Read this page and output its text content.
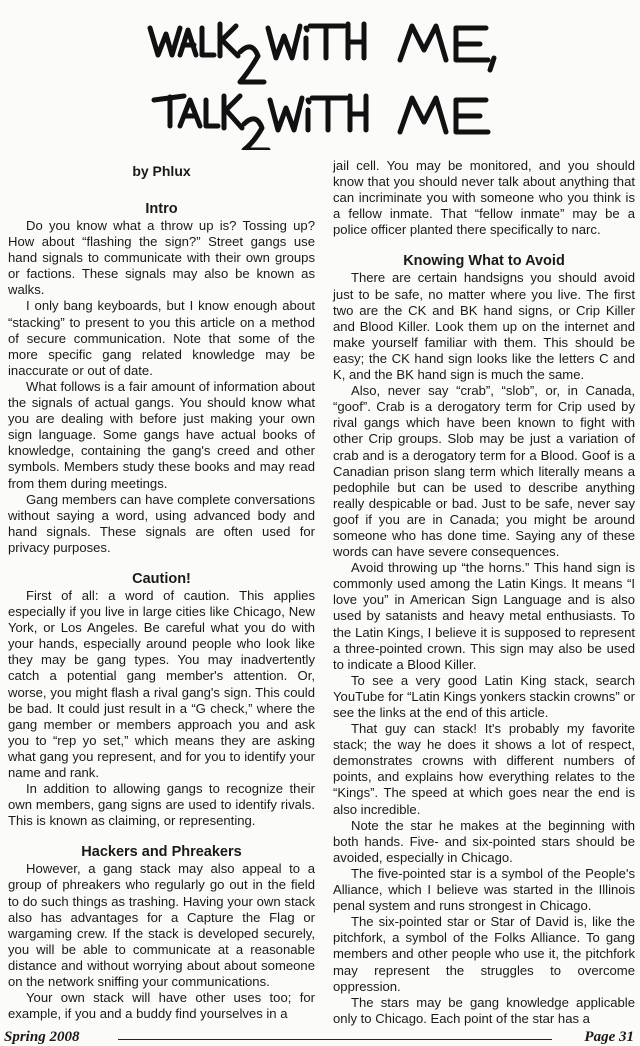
by Phlux
Intro

Do you know what a throw up is? Tossing up? How about “flashing the sign?” Street gangs use hand signals to communicate with their own groups or factions. These signals may also be known as walks.

I only bang keyboards, but I know enough about “stacking” to present to you this article on a method of secure communication. Note that some of the more specific gang related knowledge may be inaccurate or out of date.

What follows is a fair amount of information about the signals of actual gangs. You should know what you are dealing with before just making your own sign language. Some gangs have actual books of knowledge, containing the gang's creed and other symbols. Members study these books and may read from them during meetings.

Gang members can have complete conversations without saying a word, using advanced body and hand signals. These signals are often used for privacy purposes.

Caution!

First of all: a word of caution. This applies especially if you live in large cities like Chicago, New York, or Los Angeles. Be careful what you do with your hands, especially around people who look like they may be gang types. You may inadvertently catch a potential gang member's attention. Or, worse, you might flash a rival gang's sign. This could be bad. It could just result in a “G check,” where the gang member or members approach you and ask you to “rep yo set,” which means they are asking what gang you represent, and for you to identify your name and rank.

In addition to allowing gangs to recognize their own members, gang signs are used to identify rivals. This is known as claiming, or representing.

Hackers and Phreakers

However, a gang stack may also appeal to a group of phreakers who regularly go out in the field to do such things as trashing. Having your own stack also has advantages for a Capture the Flag or wargaming crew. If the stack is developed securely, you will be able to communicate at a reasonable distance and without worrying about about someone on the network sniffing your communications.

Your own stack will have other uses too; for example, if you and a buddy find yourselves in a

jail cell. You may be monitored, and you should know that you should never talk about anything that can incriminate you with someone who you think is a fellow inmate. That “fellow inmate” may be a police officer planted there specifically to narc.

Knowing What to Avoid

There are certain handsigns you should avoid just to be safe, no matter where you live. The first two are the CK and BK hand signs, or Crip Killer and Blood Killer. Look them up on the internet and make yourself familiar with them. This should be easy; the CK hand sign looks like the letters C and K, and the BK hand sign is much the same.

Also, never say “crab”, “slob”, or, in Canada, “goof”. Crab is a derogatory term for Crip used by rival gangs which have been known to fight with other Crip groups. Slob may be just a variation of crab and is a derogatory term for a Blood. Goof is a Canadian prison slang term which literally means a pedophile but can be used to describe anything really despicable or bad. Just to be safe, never say goof if you are in Canada; you might be around someone who has done time. Saying any of these words can have severe consequences.

Avoid throwing up “the horns.” This hand sign is commonly used among the Latin Kings. It means “I love you” in American Sign Language and is also used by satanists and heavy metal enthusiasts. To the Latin Kings, I believe it is supposed to represent a three-pointed crown. This sign may also be used to indicate a Blood Killer.

To see a very good Latin King stack, search YouTube for “Latin Kings yonkers stackin crowns” or see the links at the end of this article.

That guy can stack! It's probably my favorite stack; the way he does it shows a lot of respect, demonstrates crowns with different numbers of points, and explains how everything relates to the “Kings”. The speed at which goes near the end is also incredible.

Note the star he makes at the beginning with both hands. Five- and six-pointed stars should be avoided, especially in Chicago.

The five-pointed star is a symbol of the People's Alliance, which I believe was started in the Illinois penal system and runs strongest in Chicago.

The six-pointed star or Star of David is, like the pitchfork, a symbol of the Folks Alliance. To gang members and other people who use it, the pitchfork may represent the struggles to overcome oppression.

The stars may be gang knowledge applicable only to Chicago. Each point of the star has a

Spring 2008	Page 31
